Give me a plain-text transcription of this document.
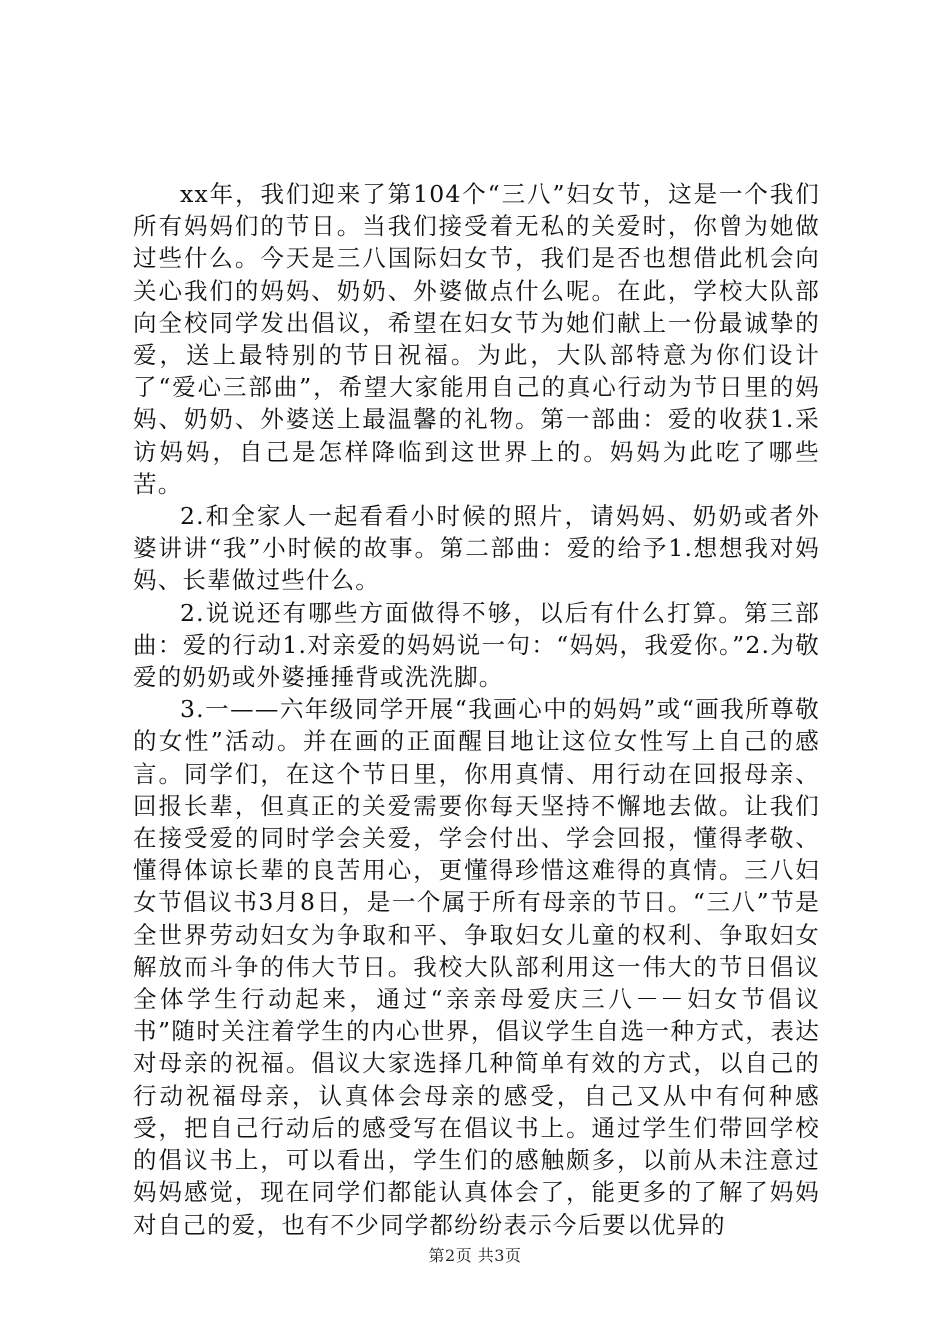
xx年，我们迎来了第104个“三八”妇女节，这是一个我们所有妈妈们的节日。当我们接受着无私的关爱时，你曾为她做过些什么。今天是三八国际妇女节，我们是否也想借此机会向关心我们的妈妈、奶奶、外婆做点什么呢。在此，学校大队部向全校同学发出倡议，希望在妇女节为她们献上一份最诚挚的爱，送上最特别的节日祝福。为此，大队部特意为你们设计了“爱心三部曲”，希望大家能用自己的真心行动为节日里的妈妈、奶奶、外婆送上最温馨的礼物。第一部曲：爱的收获1.采访妈妈，自己是怎样降临到这世界上的。妈妈为此吃了哪些苦。

2.和全家人一起看看小时候的照片，请妈妈、奶奶或者外婆讲讲“我”小时候的故事。第二部曲：爱的给予1.想想我对妈妈、长辈做过些什么。

2.说说还有哪些方面做得不够，以后有什么打算。第三部曲：爱的行动1.对亲爱的妈妈说一句：“妈妈，我爱你。”2.为敬爱的奶奶或外婆捶捶背或洗洗脚。

3.一——六年级同学开展“我画心中的妈妈”或“画我所尊敬的女性”活动。并在画的正面醒目地让这位女性写上自己的感言。同学们，在这个节日里，你用真情、用行动在回报母亲、回报长辈，但真正的关爱需要你每天坚持不懈地去做。让我们在接受爱的同时学会关爱，学会付出、学会回报，懂得孝敬、懂得体谅长辈的良苦用心，更懂得珍惜这难得的真情。三八妇女节倡议书3月8日，是一个属于所有母亲的节日。“三八”节是全世界劳动妇女为争取和平、争取妇女儿童的权利、争取妇女解放而斗争的伟大节日。我校大队部利用这一伟大的节日倡议全体学生行动起来，通过“亲亲母爱庆三八－－妇女节倡议书”随时关注着学生的内心世界，倡议学生自选一种方式，表达对母亲的祝福。倡议大家选择几种简单有效的方式，以自己的行动祝福母亲，认真体会母亲的感受，自己又从中有何种感受，把自己行动后的感受写在倡议书上。通过学生们带回学校的倡议书上，可以看出，学生们的感触颇多，以前从未注意过妈妈感觉，现在同学们都能认真体会了，能更多的了解了妈妈对自己的爱，也有不少同学都纷纷表示今后要以优异的

第2页 共3页
